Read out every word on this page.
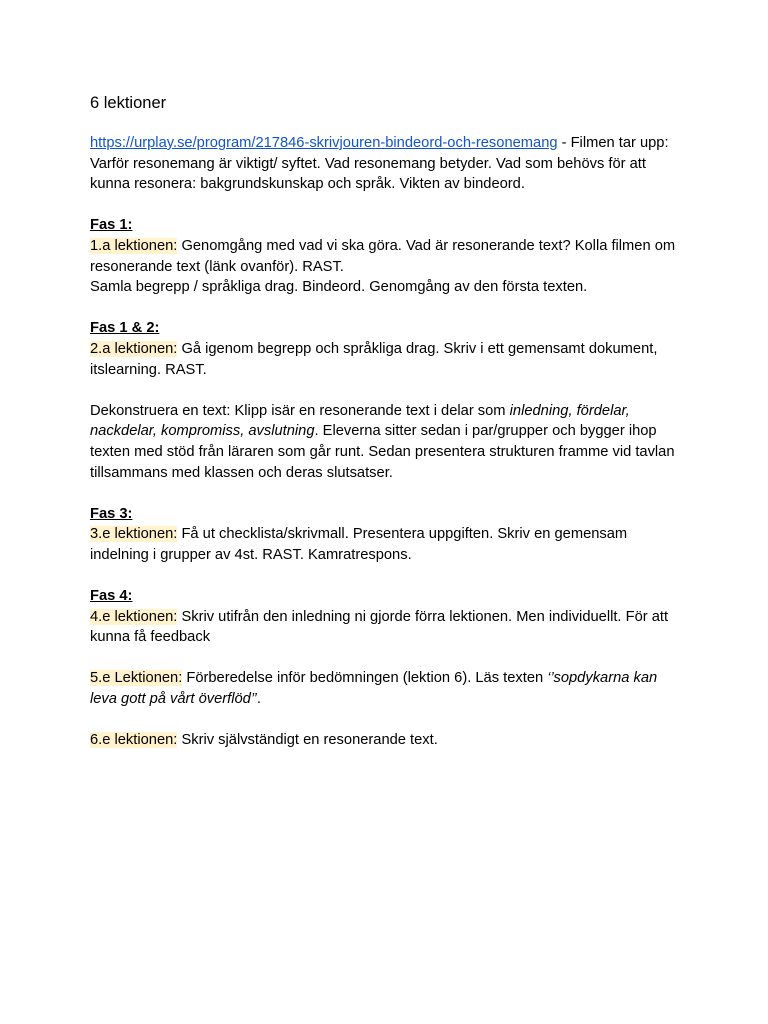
6 lektioner

https://urplay.se/program/217846-skrivjouren-bindeord-och-resonemang - Filmen tar upp: Varför resonemang är viktigt/ syftet. Vad resonemang betyder. Vad som behövs för att kunna resonera: bakgrundskunskap och språk. Vikten av bindeord.

Fas 1:

1.a lektionen: Genomgång med vad vi ska göra. Vad är resonerande text? Kolla filmen om resonerande text (länk ovanför). RAST.

Samla begrepp / språkliga drag. Bindeord. Genomgång av den första texten.

Fas 1 & 2:

2.a lektionen: Gå igenom begrepp och språkliga drag. Skriv i ett gemensamt dokument, itslearning. RAST.

Dekonstruera en text: Klipp isär en resonerande text i delar som inledning, fördelar, nackdelar, kompromiss, avslutning. Eleverna sitter sedan i par/grupper och bygger ihop texten med stöd från läraren som går runt. Sedan presentera strukturen framme vid tavlan tillsammans med klassen och deras slutsatser.

Fas 3:

3.e lektionen: Få ut checklista/skrivmall. Presentera uppgiften. Skriv en gemensam indelning i grupper av 4st. RAST. Kamratrespons.

Fas 4:

4.e lektionen: Skriv utifrån den inledning ni gjorde förra lektionen. Men individuellt. För att kunna få feedback

5.e Lektionen: Förberedelse inför bedömningen (lektion 6). Läs texten ‘’sopdykarna kan leva gott på vårt överflöd’’.

6.e lektionen: Skriv självständigt en resonerande text.
